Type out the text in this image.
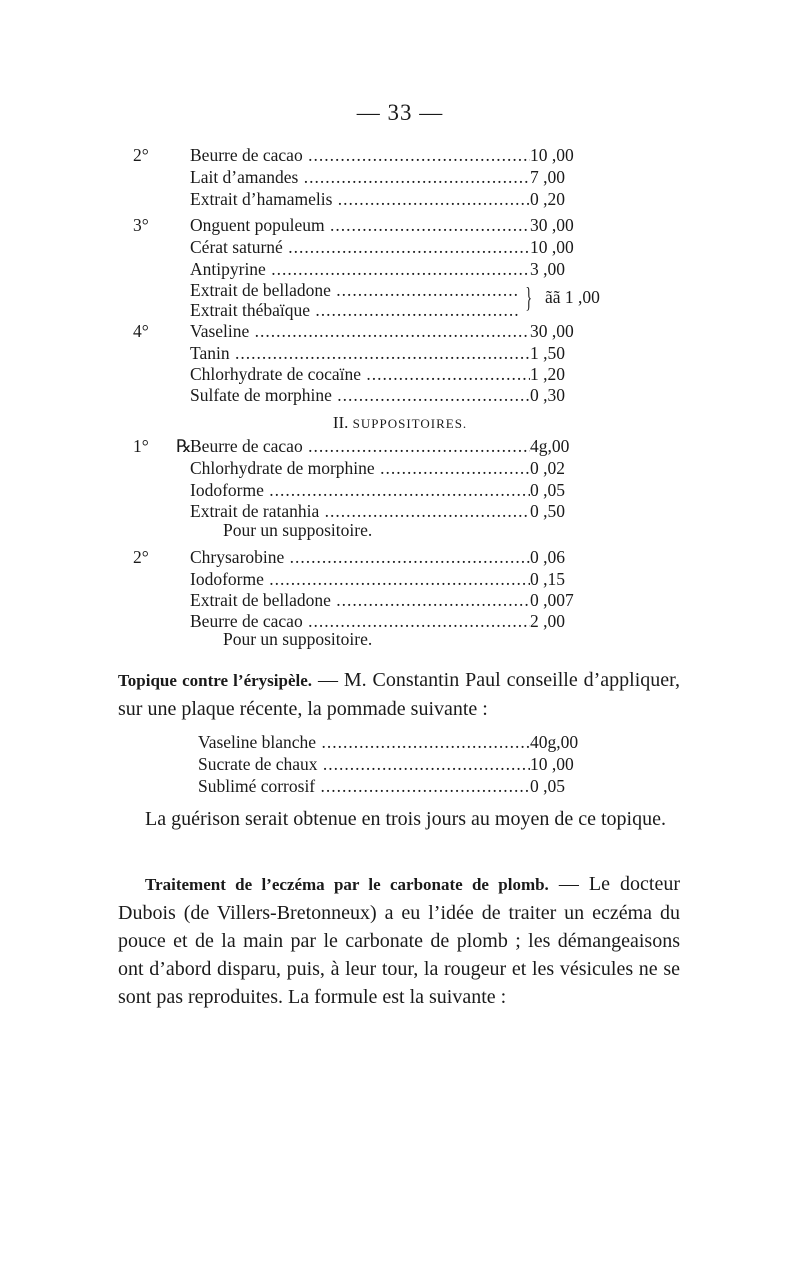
— 33 —
2° Beurre de cacao .....	10 ,00
Lait d’amandes .....	7 ,00
Extrait d’hamamelis .....	0 ,20
3° Onguent populeum .....	30 ,00
Cérat saturné .....	10 ,00
Antipyrine .....	3 ,00
Extrait de belladone .....
Extrait thébaïque .....	} ãã 1 ,00
4° Vaseline .....	30 ,00
Tanin .....	1 ,50
Chlorhydrate de cocaïne .....	1 ,20
Sulfate de morphine .....	0 ,30
II. SUPPOSITOIRES.
1° ℞
Beurre de cacao .....	4g,00
Chlorhydrate de morphine .....	0 ,02
Iodoforme .....	0 ,05
Extrait de ratanhia .....	0 ,50
Pour un suppositoire.
2° Chrysarobine .....	0 ,06
Iodoforme .....	0 ,15
Extrait de belladone .....	0 ,007
Beurre de cacao .....	2 ,00
Pour un suppositoire.
Topique contre l’érysipèle. — M. Constantin Paul conseille d’appliquer, sur une plaque récente, la pommade suivante :
Vaseline blanche .....	40g,00
Sucrate de chaux .....	10 ,00
Sublimé corrosif .....	0 ,05
La guérison serait obtenue en trois jours au moyen de ce topique.
Traitement de l’eczéma par le carbonate de plomb. — Le docteur Dubois (de Villers-Bretonneux) a eu l’idée de traiter un eczéma du pouce et de la main par le carbonate de plomb ; les démangeaisons ont d’abord disparu, puis, à leur tour, la rougeur et les vésicules ne se sont pas reproduites. La formule est la suivante :
